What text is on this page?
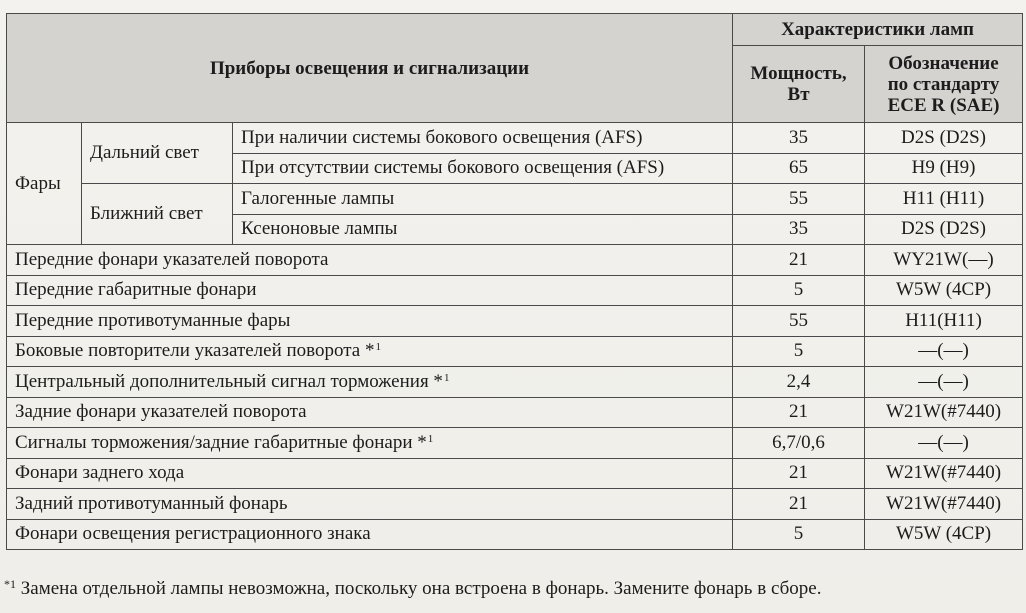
Приборы освещения и сигнализации			Характеристики ламп	
			Мощность,
Вт	Обозначение
по стандарту
ECE R (SAE)
Фары	Дальний свет	При наличии системы бокового освещения (AFS)	35	D2S (D2S)
		При отсутствии системы бокового освещения (AFS)	65	H9 (H9)
	Ближний свет	Галогенные лампы	55	H11 (H11)
		Ксеноновые лампы	35	D2S (D2S)
Передние фонари указателей поворота			21	WY21W(—)
Передние габаритные фонари			5	W5W (4CP)
Передние противотуманные фары			55	H11(H11)
Боковые повторители указателей поворота *$^1$			5	—(—)
Центральный дополнительный сигнал торможения *$^1$			2,4	—(—)
Задние фонари указателей поворота			21	W21W(#7440)
Сигналы торможения/задние габаритные фонари *$^1$			6,7/0,6	—(—)
Фонари заднего хода			21	W21W(#7440)
Задний противотуманный фонарь			21	W21W(#7440)
Фонари освещения регистрационного знака			5	W5W (4CP)
$^{*1}$ Замена отдельной лампы невозможна, поскольку она встроена в фонарь. Замените фонарь в сборе.
